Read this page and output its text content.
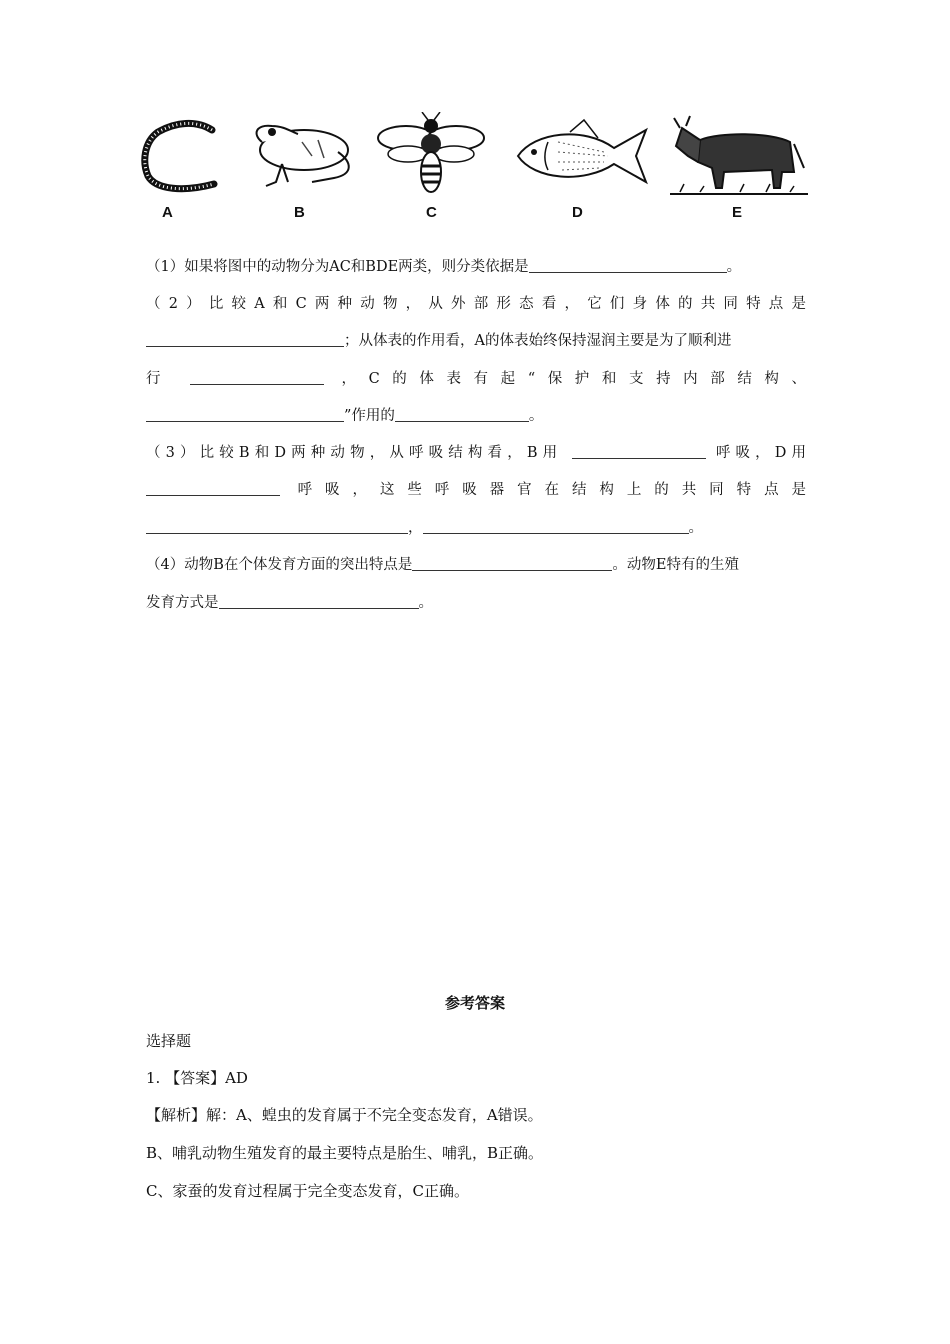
A	B	C	D	E
（1）如果将图中的动物分为AC和BDE两类，则分类依据是	。
（2）比较A和C两种动物，从外部形态看，它们身体的共同特点是
；从体表的作用看，A的体表始终保持湿润主要是为了顺利进
行	，C的体表有起“保护和支持内部结构、
”作用的	。
（3）比较B和D两种动物，从呼吸结构看，B用	呼吸，D用
呼吸，这些呼吸器官在结构上的共同特点是
，	。
（4）动物B在个体发育方面的突出特点是	。动物E特有的生殖
发育方式是	。
参考答案
选择题
1. 【答案】AD
【解析】解：A、蝗虫的发育属于不完全变态发育，A错误。
B、哺乳动物生殖发育的最主要特点是胎生、哺乳，B正确。
C、家蚕的发育过程属于完全变态发育，C正确。
